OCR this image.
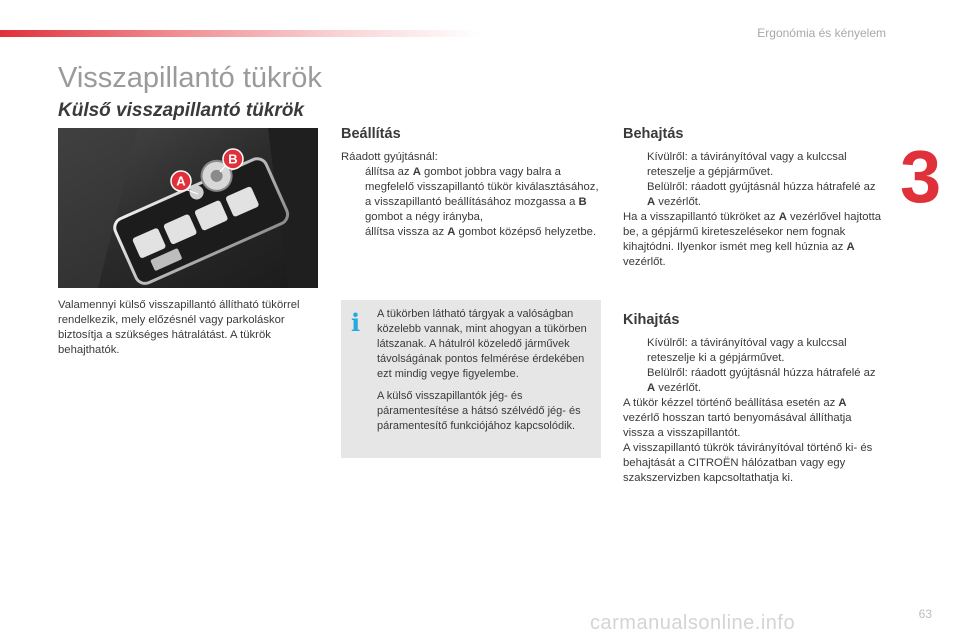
Ergonómia és kényelem
3
Visszapillantó tükrök
Külső visszapillantó tükrök
A
B

Valamennyi külső visszapillantó állítható tükörrel rendelkezik, mely előzésnél vagy parkoláskor biztosítja a szükséges hátralátást. A tükrök behajthatók.

Beállítás

Ráadott gyújtásnál:

állítsa az A gombot jobbra vagy balra a megfelelő visszapillantó tükör kiválasztásához,
a visszapillantó beállításához mozgassa a B gombot a négy irányba,
állítsa vissza az A gombot középső helyzetbe.
i A tükörben látható tárgyak a valóságban közelebb vannak, mint ahogyan a tükörben látszanak. A hátulról közeledő járművek távolságának pontos felmérése érdekében ezt mindig vegye figyelembe.

A külső visszapillantók jég- és páramentesítése a hátsó szélvédő jég- és páramentesítő funkciójához kapcsolódik.

Behajtás
Kívülről: a távirányítóval vagy a kulccsal reteszelje a gépjárművet.
Belülről: ráadott gyújtásnál húzza hátrafelé az A vezérlőt.

Ha a visszapillantó tükröket az A vezérlővel hajtotta be, a gépjármű kireteszelésekor nem fognak kihajtódni. Ilyenkor ismét meg kell húznia az A vezérlőt.

Kihajtás
Kívülről: a távirányítóval vagy a kulccsal reteszelje ki a gépjárművet.
Belülről: ráadott gyújtásnál húzza hátrafelé az A vezérlőt.

A tükör kézzel történő beállítása esetén az A vezérlő hosszan tartó benyomásával állíthatja vissza a visszapillantót.

A visszapillantó tükrök távirányítóval történő ki- és behajtását a CITROËN hálózatban vagy egy szakszervizben kapcsoltathatja ki.

63
carmanualsonline.info
